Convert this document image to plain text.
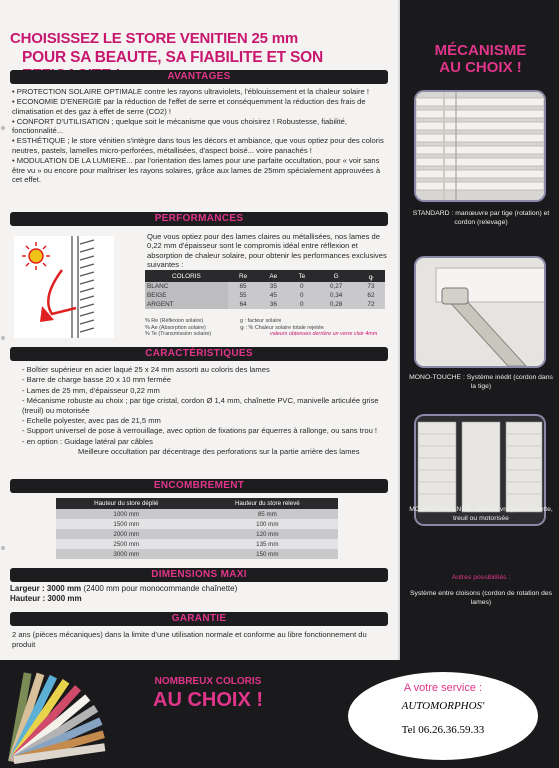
CHOISISSEZ LE STORE VENITIEN 25 mm
POUR SA BEAUTE, SA FIABILITE ET SON
AVANTAGES

• PROTECTION SOLAIRE OPTIMALE contre les rayons ultraviolets, l'éblouissement et la chaleur solaire !

• ECONOMIE D'ENERGIE par la réduction de l'effet de serre et conséquemment la réduction des frais de climatisation et des gaz à effet de serre (CO2) !

• CONFORT D'UTILISATION ; quelque soit le mécanisme que vous choisirez ! Robustesse, fiabilité, fonctionnalité...

• ESTHÉTIQUE ; le store vénitien s'intègre dans tous les décors et ambiance, que vous optiez pour des coloris neutres, pastels, lamelles micro-perforées, métallisées, d'aspect boisé... voire panachés !

• MODULATION DE LA LUMIERE... par l'orientation des lames pour une parfaite occultation, pour « voir sans être vu » ou encore pour maîtriser les rayons solaires, grâce aux lames de 25mm spécialement approuvées à cet effet.

PERFORMANCES
Que vous optiez pour des lames claires ou métallisées, nos lames de 0,22 mm d'épaisseur sont le compromis idéal entre réflexion et absorption de chaleur solaire, pour obtenir les performances exclusives suivantes :
COLORIS	Re	Ae	Te	G	ꝙ
BLANC	65	35	0	0,27	73
BEIGE	55	45	0	0,34	62
ARGENT	64	36	0	0,28	72
% Re (Réflexion solaire)
% Ae (Absorption solaire)
% Te (Transmission solaire)
g : facteur solaire
ꝙ : % Chaleur solaire totale rejetée
valeurs obtenues derrière un verre clair 4mm
CARACTÉRISTIQUES

- Boîtier supérieur en acier laqué 25 x 24 mm assorti au coloris des lames

- Barre de charge basse 20 x 10 mm fermée

- Lames de 25 mm, d'épaisseur 0,22 mm

- Mécanisme robuste au choix ; par tige cristal, cordon Ø 1,4 mm, chaînette PVC, manivelle articulée grise (treuil) ou motorisée

- Echelle polyester, avec pas de 21,5 mm

- Support universel de pose à verrouillage, avec option de fixations par équerres à rallonge, ou sans trou !

- en option : Guidage latéral par câbles

Meilleure occultation par décentrage des perforations sur la partie arrière des lames

ENCOMBREMENT
Hauteur du store déplié	Hauteur du store relevé
1000 mm	85 mm
1500 mm	100 mm
2000 mm	120 mm
2500 mm	135 mm
3000 mm	150 mm
DIMENSIONS MAXI
Largeur : 3000 mm (2400 mm pour monocommande chaînette)
Hauteur : 3000 mm
GARANTIE
2 ans (pièces mécaniques) dans la limite d'une utilisation normale et conforme au libre fonctionnement du produit
MÉCANISME
AU CHOIX !
STANDARD : manœuvre par tige (rotation) et cordon (relevage)
MONO-TOUCHE : Système inédit (cordon dans la tige)
MONOCOMMANDE : Manœuvre par chaînette, treuil ou motorisée
Autres possibilités :
Système entre cloisons (cordon de rotation des lames)
NOMBREUX COLORIS
AU CHOIX !
A votre service :
AUTOMORPHOS'
Tel 06.26.36.59.33
